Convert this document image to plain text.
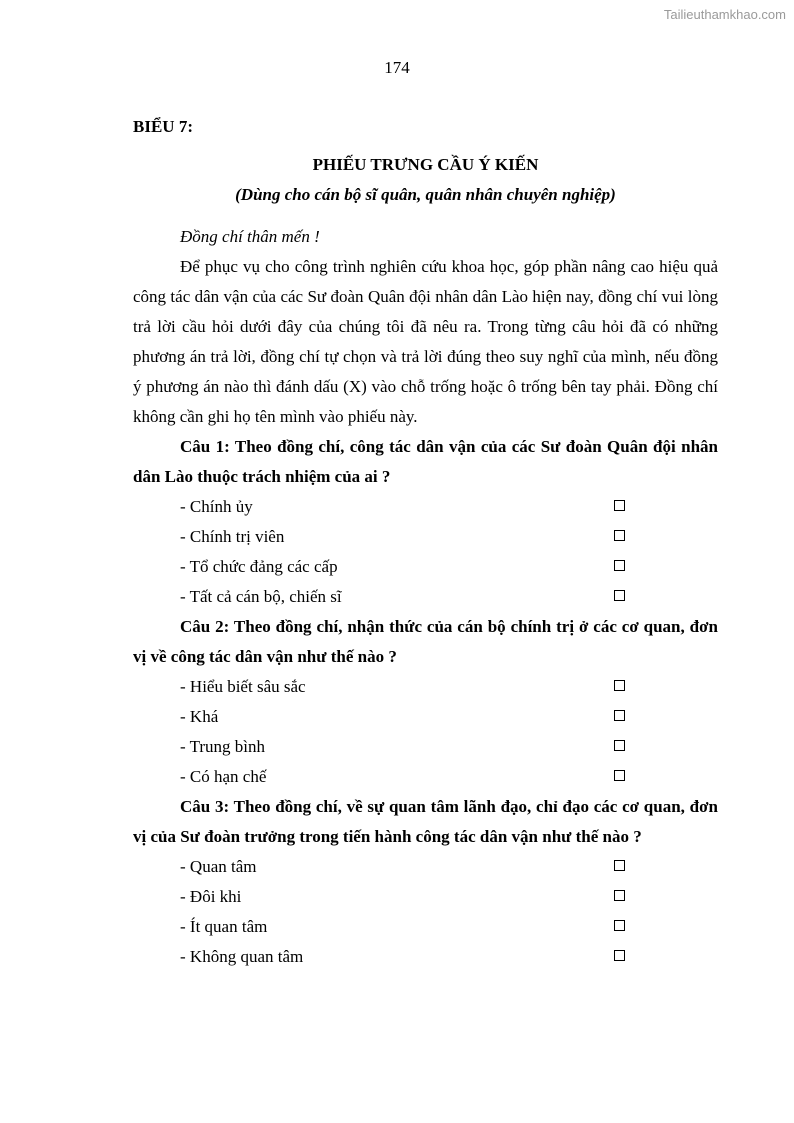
Tailieuthamkhao.com
174

BIỂU 7:

PHIẾU TRƯNG CẦU Ý KIẾN

(Dùng cho cán bộ sĩ quân, quân nhân chuyên nghiệp)

Đồng chí thân mến !

Để phục vụ cho công trình nghiên cứu khoa học, góp phần nâng cao hiệu quả công tác dân vận của các Sư đoàn Quân đội nhân dân Lào hiện nay, đồng chí vui lòng trả lời cầu hỏi dưới đây của chúng tôi đã nêu ra. Trong từng câu hỏi đã có những phương án trả lời, đồng chí tự chọn và trả lời đúng theo suy nghĩ của mình, nếu đồng ý phương án nào thì đánh dấu (X) vào chỗ trống hoặc ô trống bên tay phải. Đồng chí không cần ghi họ tên mình vào phiếu này.

Câu 1: Theo đồng chí, công tác dân vận của các Sư đoàn Quân đội nhân dân Lào thuộc trách nhiệm của ai ?

- Chính ủy
- Chính trị viên
- Tổ chức đảng các cấp
- Tất cả cán bộ, chiến sĩ

Câu 2: Theo đồng chí, nhận thức của cán bộ chính trị ở các cơ quan, đơn vị về công tác dân vận như thế nào ?

- Hiểu biết sâu sắc
- Khá
- Trung bình
- Có hạn chế

Câu 3: Theo đồng chí, về sự quan tâm lãnh đạo, chỉ đạo các cơ quan, đơn vị của Sư đoàn trưởng trong tiến hành công tác dân vận như thế nào ?

- Quan tâm
- Đôi khi
- Ít quan tâm
- Không quan tâm
